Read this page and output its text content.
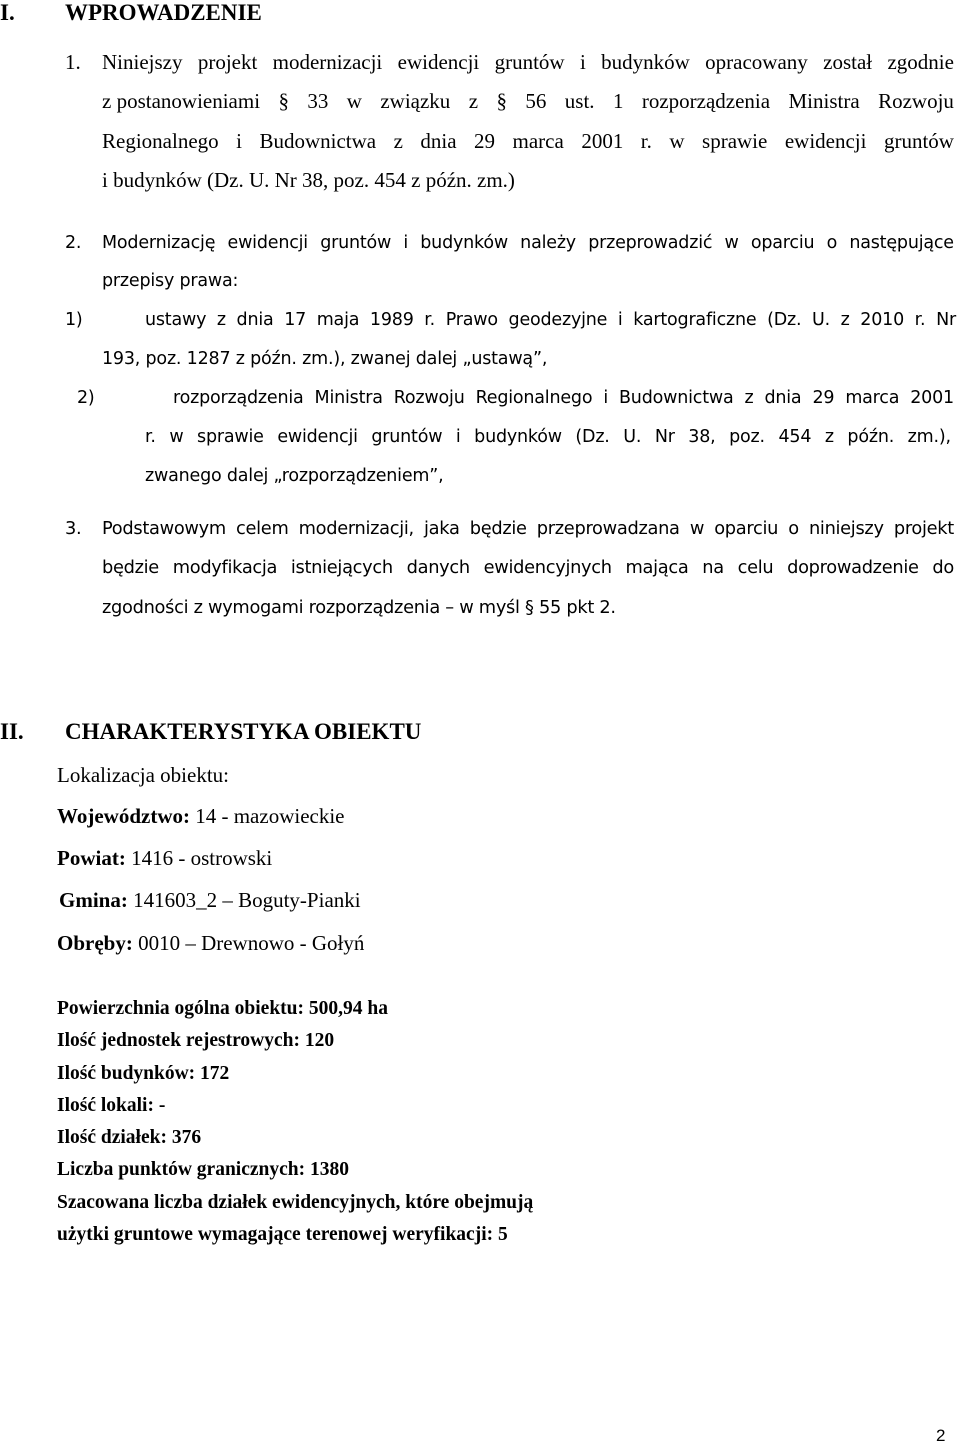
I. WPROWADZENIE
1. Niniejszy projekt modernizacji ewidencji gruntów i budynków opracowany został zgodnie
z postanowieniami § 33 w związku z § 56 ust. 1 rozporządzenia Ministra Rozwoju
Regionalnego i Budownictwa z dnia 29 marca 2001 r. w sprawie ewidencji gruntów
i budynków (Dz. U. Nr 38, poz. 454 z późn. zm.)
2. Modernizację ewidencji gruntów i budynków należy przeprowadzić w oparciu o następujące
przepisy prawa:
1)	ustawy z dnia 17 maja 1989 r. Prawo geodezyjne i kartograficzne (Dz. U. z 2010 r. Nr
193, poz. 1287 z późn. zm.), zwanej dalej „ustawą”,
2)	rozporządzenia Ministra Rozwoju Regionalnego i Budownictwa z dnia 29 marca 2001
r. w sprawie ewidencji gruntów i budynków (Dz. U. Nr 38, poz. 454 z późn. zm.),
zwanego dalej „rozporządzeniem”,
3. Podstawowym celem modernizacji, jaka będzie przeprowadzana w oparciu o niniejszy projekt
będzie modyfikacja istniejących danych ewidencyjnych mająca na celu doprowadzenie do
zgodności z wymogami rozporządzenia – w myśl § 55 pkt 2.
II. CHARAKTERYSTYKA OBIEKTU
Lokalizacja obiektu:
Województwo: 14 - mazowieckie
Powiat: 1416 - ostrowski
Gmina: 141603_2 – Boguty-Pianki
Obręby: 0010 – Drewnowo - Gołyń
Powierzchnia ogólna obiektu: 500,94 ha
Ilość jednostek rejestrowych: 120
Ilość budynków: 172
Ilość lokali: -
Ilość działek: 376
Liczba punktów granicznych: 1380
Szacowana liczba działek ewidencyjnych, które obejmują
użytki gruntowe wymagające terenowej weryfikacji: 5
2
